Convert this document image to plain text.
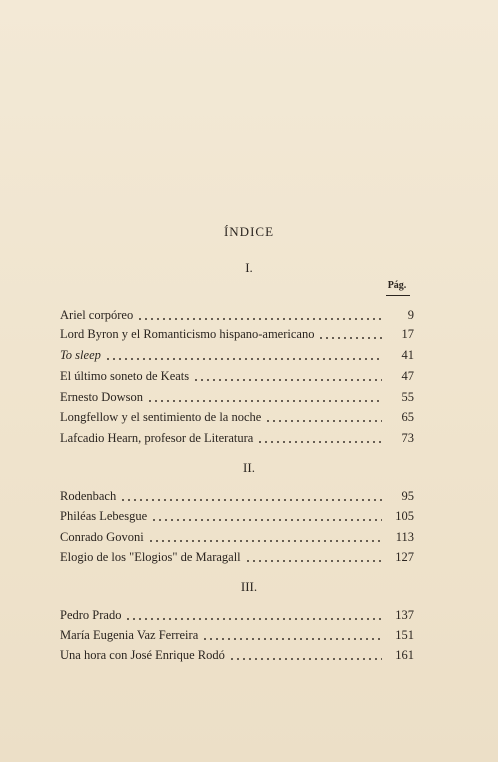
ÍNDICE
I.
Pág.
Ariel corpóreo	9
Lord Byron y el Romanticismo hispano-americano	17
To sleep	41
El último soneto de Keats	47
Ernesto Dowson	55
Longfellow y el sentimiento de la noche	65
Lafcadio Hearn, profesor de Literatura	73
II.
Rodenbach	95
Philéas Lebesgue	105
Conrado Govoni	113
Elogio de los "Elogios" de Maragall	127
III.
Pedro Prado	137
María Eugenia Vaz Ferreira	151
Una hora con José Enrique Rodó	161
